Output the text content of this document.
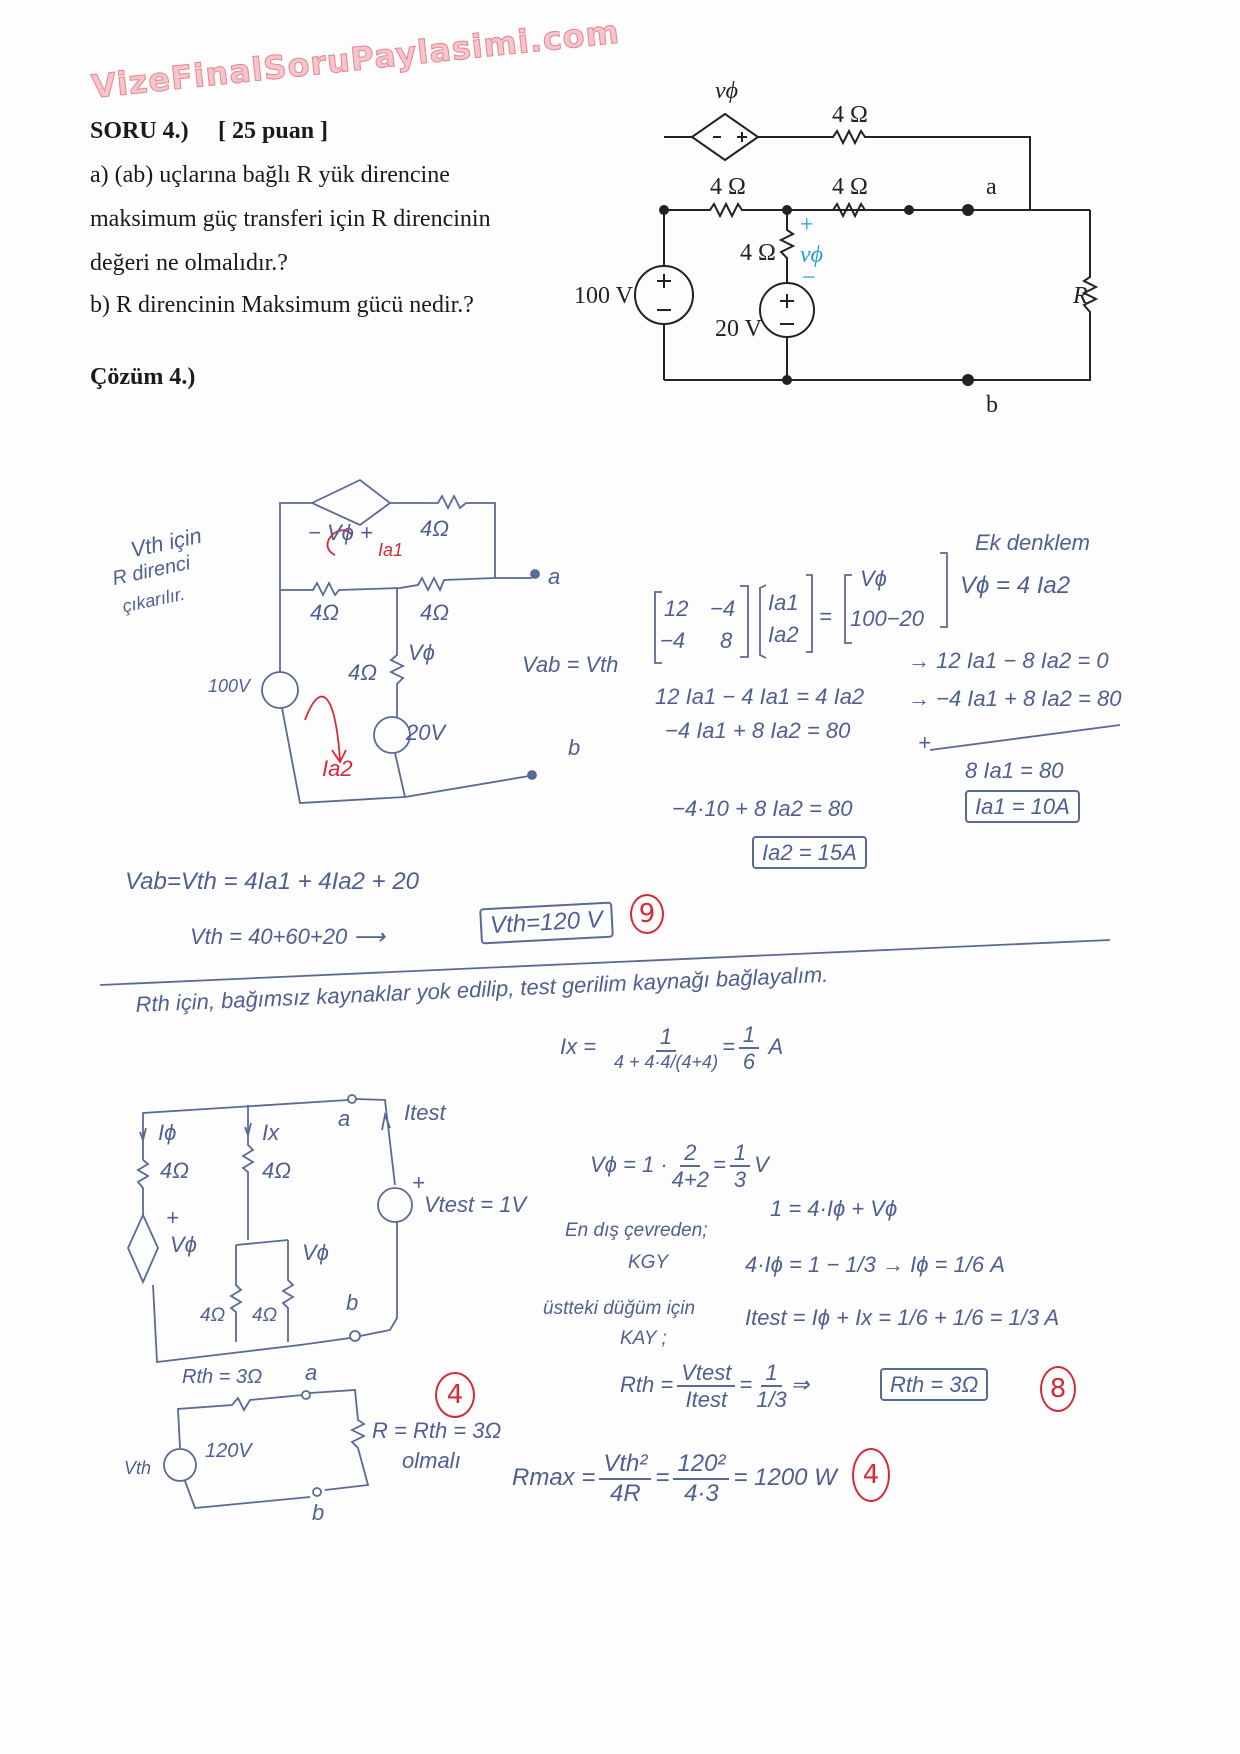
VizeFinalSoruPaylasimi.com
SORU 4.) [ 25 puan ]
a) (ab) uçlarına bağlı R yük direncine
maksimum güç transferi için R direncinin
değeri ne olmalıdır.?
b) R direncinin Maksimum gücü nedir.?
Çözüm 4.)
vϕ
4 Ω
4 Ω	4 Ω
4 Ω
+
vϕ
−
100 V
20 V
a
b
R
Vth için
R direnci
çıkarılır.
− Vϕ + 4Ω
Ia1
4Ω	4Ω
4Ω
Vϕ
100V
20V
Ia2
a
b
Vab = Vth
12 −4
−4 8
Ia1
Ia2
=
Vϕ
100−20
Ek denklem
Vϕ = 4 Ia2
12 Ia1 − 4 Ia1 = 4 Ia2
→ 12 Ia1 − 8 Ia2 = 0
−4 Ia1 + 8 Ia2 = 80
→ −4 Ia1 + 8 Ia2 = 80
+
8 Ia1 = 80
Ia1 = 10A
−4·10 + 8 Ia2 = 80
Ia2 = 15A
Vab=Vth = 4Ia1 + 4Ia2 + 20
Vth = 40+60+20 ⟶	Vth=120 V	9
Rth için, bağımsız kaynaklar yok edilip, test gerilim kaynağı bağlayalım.
$Ix = \frac{1}{4 + 4\cdot 4/(4+4)} = \frac{1}{6}$ A
$V\phi = 1 \cdot \frac{2}{4+2} = \frac{1}{3}$ V
En dış çevreden;
KGY
1 = 4·Iϕ + Vϕ
4·Iϕ = 1 − 1/3 → Iϕ = 1/6 A
üstteki düğüm için
KAY ;
Itest = Iϕ + Ix = 1/6 + 1/6 = 1/3 A
Rth = $\frac{\text{Vtest}}{\text{Itest}} = \frac{1}{1/3}$ ⇒	Rth = 3Ω	8
Iϕ	Ix
a Itest
4Ω	4Ω
+
Vϕ	Vϕ
4Ω 4Ω
b
+
Vtest = 1V
Rth = 3Ω a
Vth
120V
R = Rth = 3Ω
olmalı
b
4
$Rmax = \frac{\text{Vth²}}{4R} = \frac{\text{120²}}{4\cdot 3} = 1200$ W 4
